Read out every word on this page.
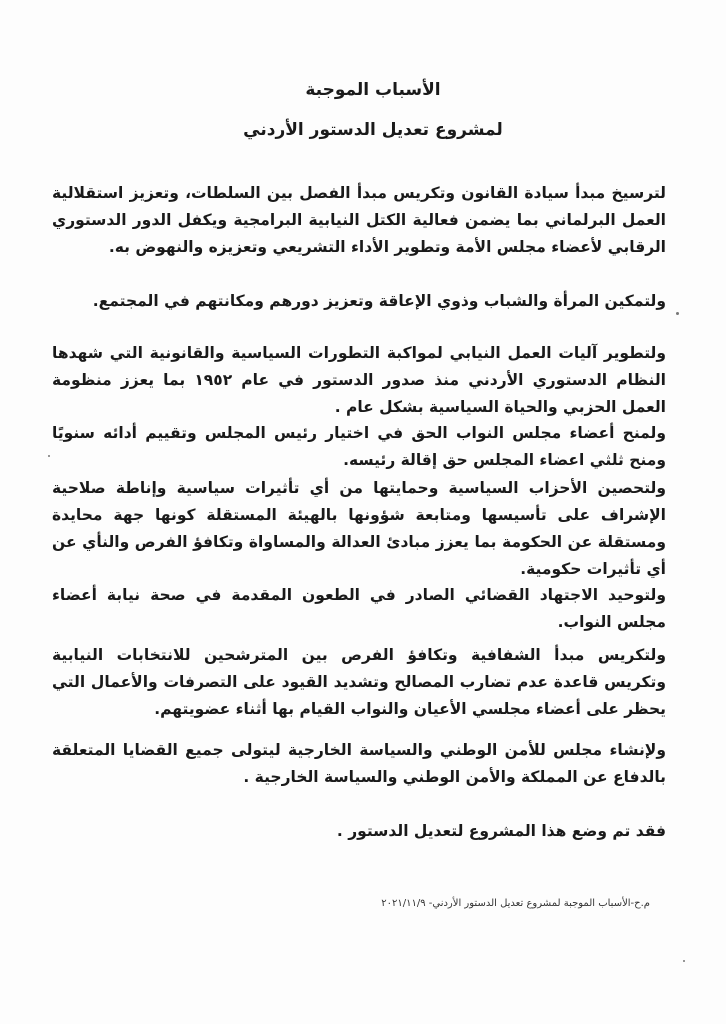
الأسباب الموجبة
لمشروع تعديل الدستور الأردني

لترسيخ مبدأ سيادة القانون وتكريس مبدأ الفصل بين السلطات، وتعزيز استقلالية العمل البرلماني بما يضمن فعالية الكتل النيابية البرامجية ويكفل الدور الدستوري الرقابي لأعضاء مجلس الأمة وتطوير الأداء التشريعي وتعزيزه والنهوض به.

ولتمكين المرأة والشباب وذوي الإعاقة وتعزيز دورهم ومكانتهم في المجتمع.

ولتطوير آليات العمل النيابي لمواكبة التطورات السياسية والقانونية التي شهدها النظام الدستوري الأردني منذ صدور الدستور في عام ١٩٥٢ بما يعزز منظومة العمل الحزبي والحياة السياسية بشكل عام .

ولمنح أعضاء مجلس النواب الحق في اختيار رئيس المجلس وتقييم أدائه سنويًا ومنح ثلثي اعضاء المجلس حق إقالة رئيسه.

ولتحصين الأحزاب السياسية وحمايتها من أي تأثيرات سياسية وإناطة صلاحية الإشراف على تأسيسها ومتابعة شؤونها بالهيئة المستقلة كونها جهة محايدة ومستقلة عن الحكومة بما يعزز مبادئ العدالة والمساواة وتكافؤ الفرص والنأي عن أي تأثيرات حكومية.

ولتوحيد الاجتهاد القضائي الصادر في الطعون المقدمة في صحة نيابة أعضاء مجلس النواب.

ولتكريس مبدأ الشفافية وتكافؤ الفرص بين المترشحين للانتخابات النيابية وتكريس قاعدة عدم تضارب المصالح وتشديد القيود على التصرفات والأعمال التي يحظر على أعضاء مجلسي الأعيان والنواب القيام بها أثناء عضويتهم.

ولإنشاء مجلس للأمن الوطني والسياسة الخارجية ليتولى جميع القضايا المتعلقة بالدفاع عن المملكة والأمن الوطني والسياسة الخارجية .

فقد تم وضع هذا المشروع لتعديل الدستور .

م.ح-الأسباب الموجبة لمشروع تعديل الدستور الأردني- ٢٠٢١/١١/٩
